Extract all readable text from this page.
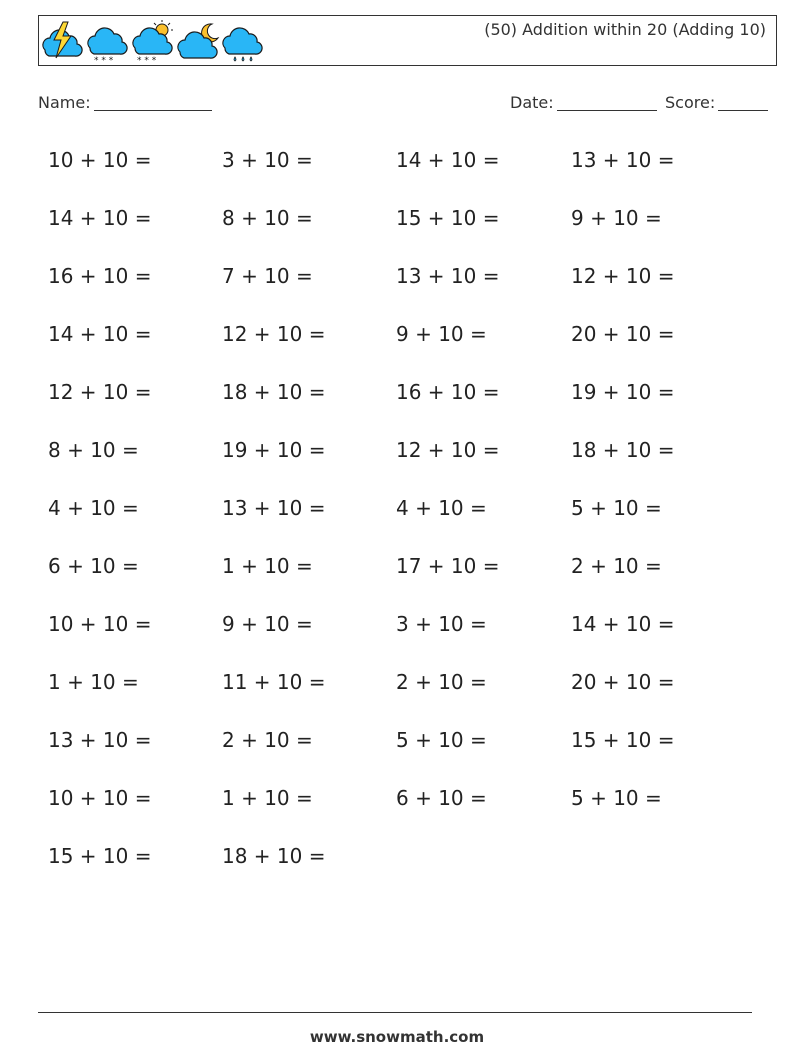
* * *	* * *
(50) Addition within 20 (Adding 10)
Name:	Date:	Score:
10 + 10 =	3 + 10 =	14 + 10 =	13 + 10 =
14 + 10 =	8 + 10 =	15 + 10 =	9 + 10 =
16 + 10 =	7 + 10 =	13 + 10 =	12 + 10 =
14 + 10 =	12 + 10 =	9 + 10 =	20 + 10 =
12 + 10 =	18 + 10 =	16 + 10 =	19 + 10 =
8 + 10 =	19 + 10 =	12 + 10 =	18 + 10 =
4 + 10 =	13 + 10 =	4 + 10 =	5 + 10 =
6 + 10 =	1 + 10 =	17 + 10 =	2 + 10 =
10 + 10 =	9 + 10 =	3 + 10 =	14 + 10 =
1 + 10 =	11 + 10 =	2 + 10 =	20 + 10 =
13 + 10 =	2 + 10 =	5 + 10 =	15 + 10 =
10 + 10 =	1 + 10 =	6 + 10 =	5 + 10 =
15 + 10 =	18 + 10 =
www.snowmath.com
